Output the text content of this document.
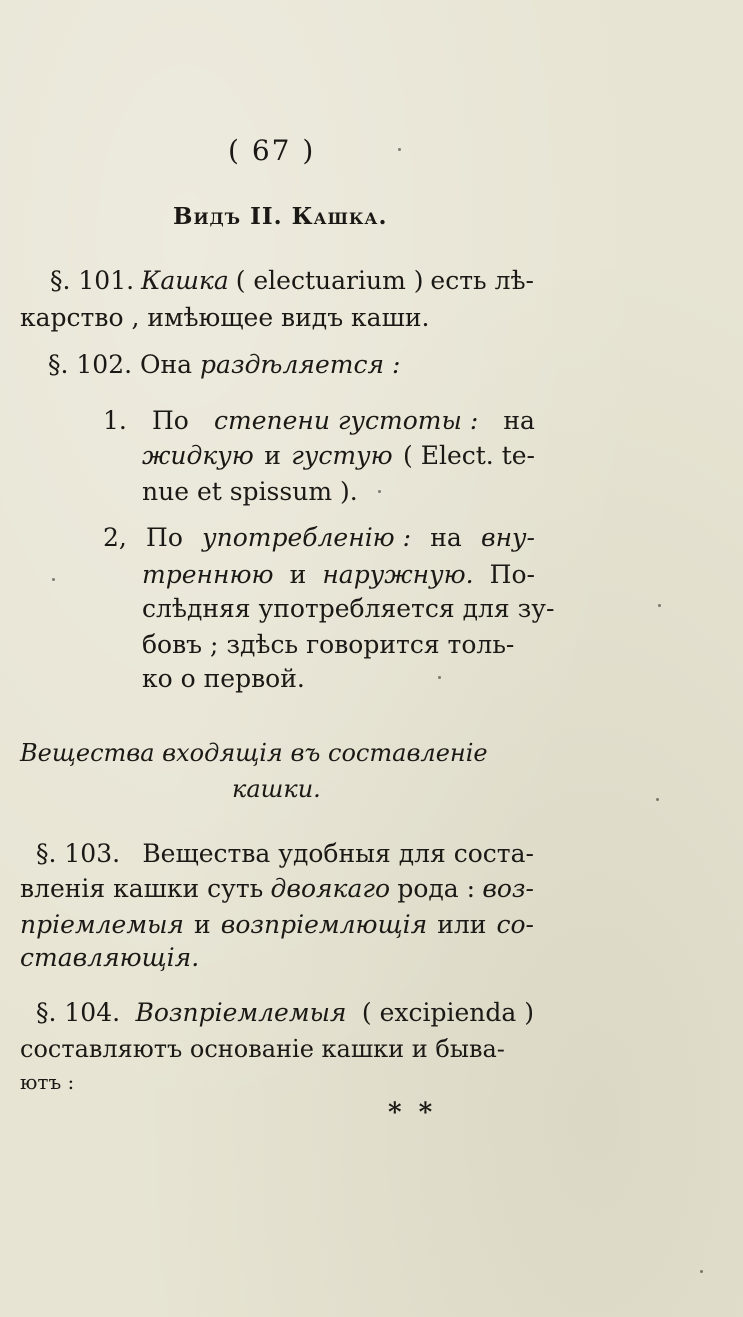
( 67 )
Видъ II. Кашка.
§. 101. Кашка ( electuarium ) есть лѣ-
карство , имѣющее видъ каши.
§. 102. Она раздѣляется :
1. По степени густоты : на
жидкую и густую ( Elect. te-
nue et spissum ).
2, По употребленiю : на вну-
треннюю и наружную. По-
слѣдняя употребляется для зу-
бовъ ; здѣсь говорится толь-
ко о первой.
Вещества входящiя въ составленiе
кашки.
§. 103. Вещества удобныя для соста-
вленiя кашки суть двоякаго рода : воз-
прiемлемыя и возпрiемлющiя или со-
ставляющiя.
§. 104. Возпрiемлемыя ( excipienda )
составляютъ основанiе кашки и быва-
ютъ :
* *
